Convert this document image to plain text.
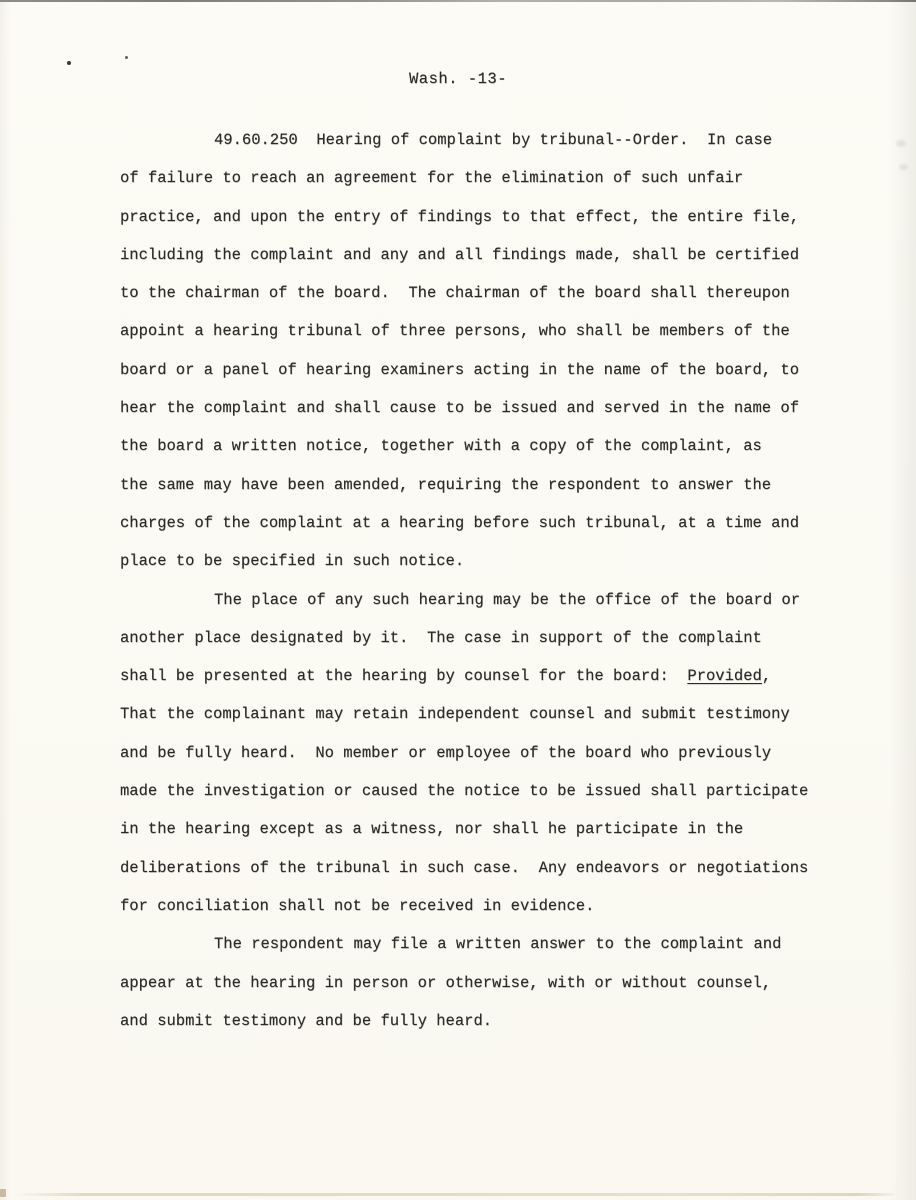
Wash. -13-
49.60.250  Hearing of complaint by tribunal--Order.  In case
of failure to reach an agreement for the elimination of such unfair
practice, and upon the entry of findings to that effect, the entire file,
including the complaint and any and all findings made, shall be certified
to the chairman of the board.  The chairman of the board shall thereupon
appoint a hearing tribunal of three persons, who shall be members of the
board or a panel of hearing examiners acting in the name of the board, to
hear the complaint and shall cause to be issued and served in the name of
the board a written notice, together with a copy of the complaint, as
the same may have been amended, requiring the respondent to answer the
charges of the complaint at a hearing before such tribunal, at a time and
place to be specified in such notice.
The place of any such hearing may be the office of the board or
another place designated by it.  The case in support of the complaint
shall be presented at the hearing by counsel for the board:  Provided,
That the complainant may retain independent counsel and submit testimony
and be fully heard.  No member or employee of the board who previously
made the investigation or caused the notice to be issued shall participate
in the hearing except as a witness, nor shall he participate in the
deliberations of the tribunal in such case.  Any endeavors or negotiations
for conciliation shall not be received in evidence.
The respondent may file a written answer to the complaint and
appear at the hearing in person or otherwise, with or without counsel,
and submit testimony and be fully heard.
